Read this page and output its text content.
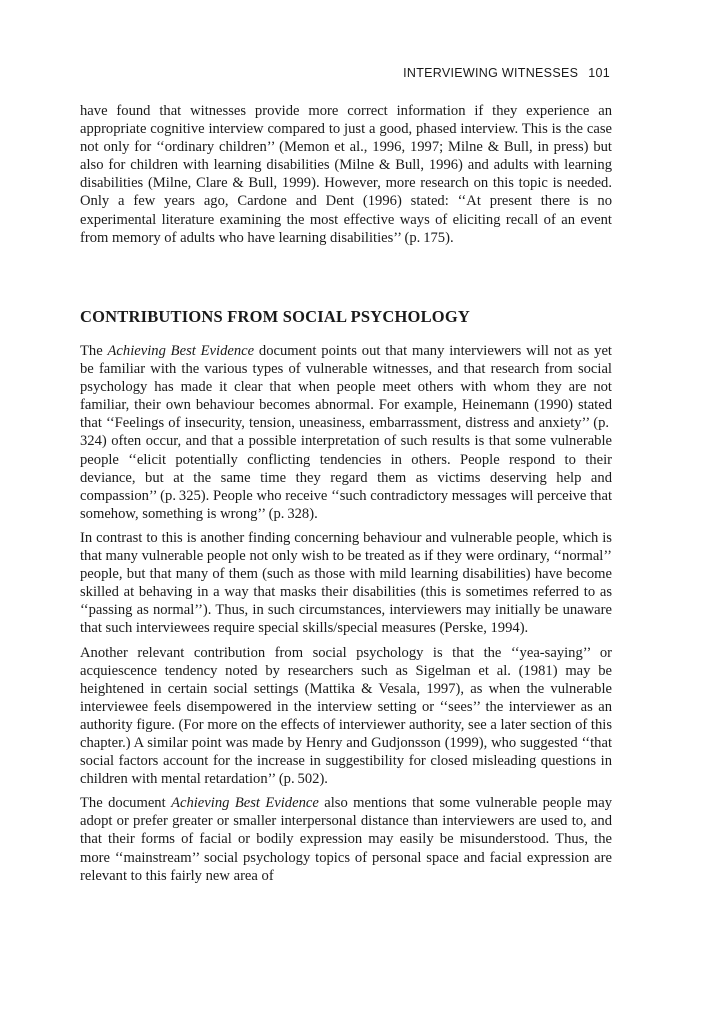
INTERVIEWING WITNESSES 101

have found that witnesses provide more correct information if they experience an appropriate cognitive interview compared to just a good, phased interview. This is the case not only for ‘‘ordinary children’’ (Memon et al., 1996, 1997; Milne & Bull, in press) but also for children with learning disabilities (Milne & Bull, 1996) and adults with learning disabilities (Milne, Clare & Bull, 1999). However, more research on this topic is needed. Only a few years ago, Cardone and Dent (1996) stated: ‘‘At present there is no experimental literature examining the most effective ways of eliciting recall of an event from memory of adults who have learning disabilities’’ (p. 175).

CONTRIBUTIONS FROM SOCIAL PSYCHOLOGY

The Achieving Best Evidence document points out that many interviewers will not as yet be familiar with the various types of vulnerable witnesses, and that research from social psychology has made it clear that when people meet others with whom they are not familiar, their own behaviour becomes abnormal. For example, Heinemann (1990) stated that ‘‘Feelings of insecurity, tension, uneasiness, embarrassment, distress and anxiety’’ (p. 324) often occur, and that a possible interpretation of such results is that some vulnerable people ‘‘elicit potentially conflicting tendencies in others. People respond to their deviance, but at the same time they regard them as victims deserving help and compassion’’ (p. 325). People who receive ‘‘such contradictory messages will perceive that somehow, something is wrong’’ (p. 328).

In contrast to this is another finding concerning behaviour and vulnerable people, which is that many vulnerable people not only wish to be treated as if they were ordinary, ‘‘normal’’ people, but that many of them (such as those with mild learning disabilities) have become skilled at behaving in a way that masks their disabilities (this is sometimes referred to as ‘‘passing as normal’’). Thus, in such circumstances, interviewers may initially be unaware that such interviewees require special skills/special measures (Perske, 1994).

Another relevant contribution from social psychology is that the ‘‘yea-saying’’ or acquiescence tendency noted by researchers such as Sigelman et al. (1981) may be heightened in certain social settings (Mattika & Vesala, 1997), as when the vulnerable interviewee feels disempowered in the interview setting or ‘‘sees’’ the interviewer as an authority figure. (For more on the effects of interviewer authority, see a later section of this chapter.) A similar point was made by Henry and Gudjonsson (1999), who suggested ‘‘that social factors account for the increase in suggestibility for closed misleading questions in children with mental retardation’’ (p. 502).

The document Achieving Best Evidence also mentions that some vulnerable people may adopt or prefer greater or smaller interpersonal distance than interviewers are used to, and that their forms of facial or bodily expression may easily be misunderstood. Thus, the more ‘‘mainstream’’ social psychology topics of personal space and facial expression are relevant to this fairly new area of
